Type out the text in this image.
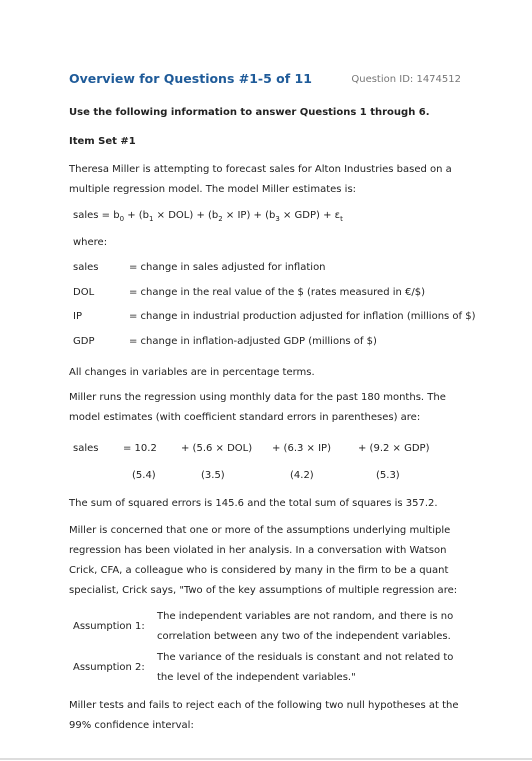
Overview for Questions #1-5 of 11	Question ID: 1474512

Use the following information to answer Questions 1 through 6.

Item Set #1

Theresa Miller is attempting to forecast sales for Alton Industries based on a multiple regression model. The model Miller estimates is:

sales = $b_0 + (b_1 \times DOL) + (b_2 \times IP) + (b_3 \times GDP) + \varepsilon_t$

where:

sales	= change in sales adjusted for inflation

DOL	= change in the real value of the $ (rates measured in €/$)

IP	= change in industrial production adjusted for inflation (millions of $)

GDP	= change in inflation-adjusted GDP (millions of $)

All changes in variables are in percentage terms.

Miller runs the regression using monthly data for the past 180 months. The model estimates (with coefficient standard errors in parentheses) are:

sales = 10.2 + (5.6 × DOL) + (6.3 × IP)	+ (9.2 × GDP)

(5.4)	(3.5)	(4.2)	(5.3)

The sum of squared errors is 145.6 and the total sum of squares is 357.2.

Miller is concerned that one or more of the assumptions underlying multiple regression has been violated in her analysis. In a conversation with Watson Crick, CFA, a colleague who is considered by many in the firm to be a quant specialist, Crick says, "Two of the key assumptions of multiple regression are:

Assumption 1:

The independent variables are not random, and there is no correlation between any two of the independent variables.

Assumption 2:

The variance of the residuals is constant and not related to the level of the independent variables."

Miller tests and fails to reject each of the following two null hypotheses at the 99% confidence interval:
